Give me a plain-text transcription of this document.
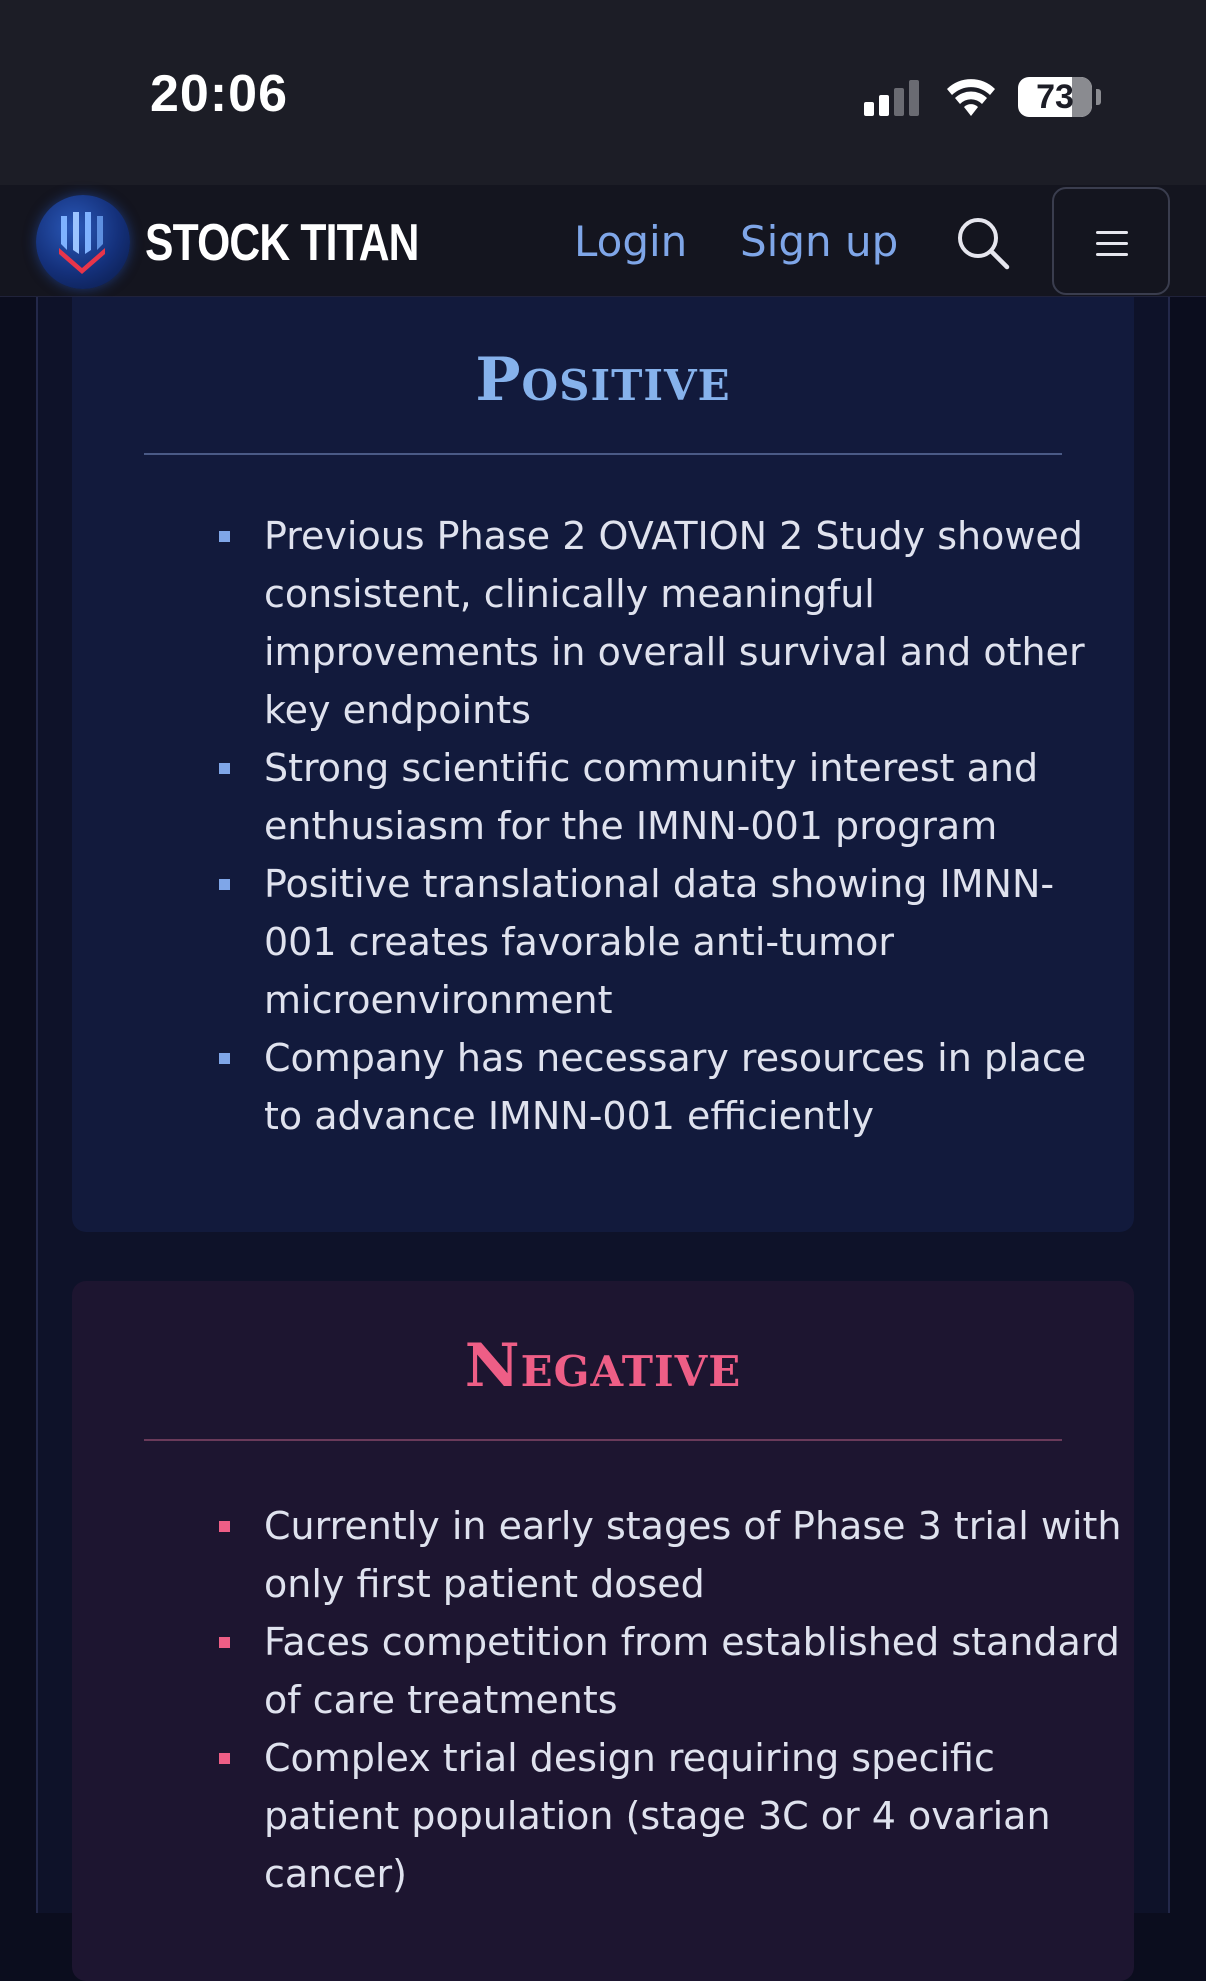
20:06	73
STOCK TITAN	Login Sign up
Positive
Previous Phase 2 OVATION 2 Study showed consistent, clinically meaningful improvements in overall survival and other key endpoints
Strong scientific community interest and enthusiasm for the IMNN-001 program
Positive translational data showing IMNN-001 creates favorable anti-tumor microenvironment
Company has necessary resources in place to advance IMNN-001 efficiently
Negative
Currently in early stages of Phase 3 trial with only first patient dosed
Faces competition from established standard of care treatments
Complex trial design requiring specific patient population (stage 3C or 4 ovarian cancer)
